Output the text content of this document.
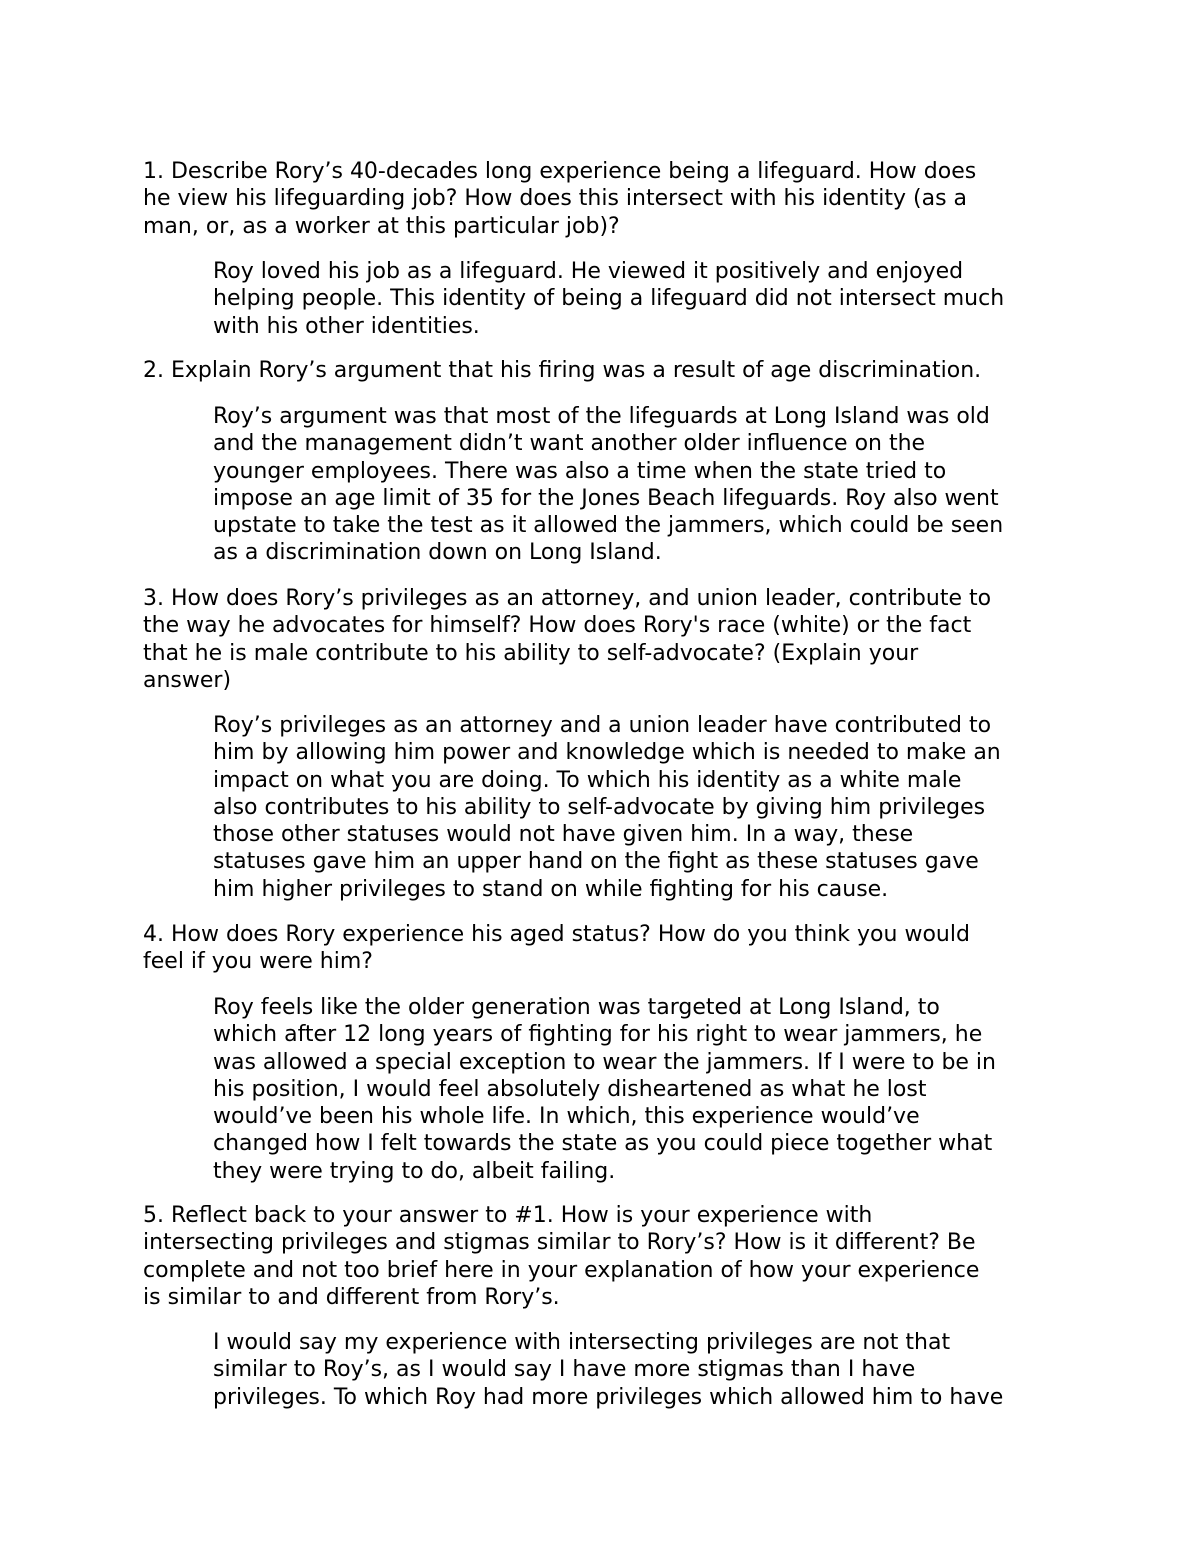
1. Describe Rory’s 40-decades long experience being a lifeguard. How does
he view his lifeguarding job? How does this intersect with his identity (as a
man, or, as a worker at this particular job)?

Roy loved his job as a lifeguard. He viewed it positively and enjoyed
helping people. This identity of being a lifeguard did not intersect much
with his other identities.

2. Explain Rory’s argument that his firing was a result of age discrimination.

Roy’s argument was that most of the lifeguards at Long Island was old
and the management didn’t want another older influence on the
younger employees. There was also a time when the state tried to
impose an age limit of 35 for the Jones Beach lifeguards. Roy also went
upstate to take the test as it allowed the jammers, which could be seen
as a discrimination down on Long Island.

3. How does Rory’s privileges as an attorney, and union leader, contribute to
the way he advocates for himself? How does Rory's race (white) or the fact
that he is male contribute to his ability to self-advocate? (Explain your
answer)

Roy’s privileges as an attorney and a union leader have contributed to
him by allowing him power and knowledge which is needed to make an
impact on what you are doing. To which his identity as a white male
also contributes to his ability to self-advocate by giving him privileges
those other statuses would not have given him. In a way, these
statuses gave him an upper hand on the fight as these statuses gave
him higher privileges to stand on while fighting for his cause.

4. How does Rory experience his aged status? How do you think you would
feel if you were him?

Roy feels like the older generation was targeted at Long Island, to
which after 12 long years of fighting for his right to wear jammers, he
was allowed a special exception to wear the jammers. If I were to be in
his position, I would feel absolutely disheartened as what he lost
would’ve been his whole life. In which, this experience would’ve
changed how I felt towards the state as you could piece together what
they were trying to do, albeit failing.

5. Reflect back to your answer to #1. How is your experience with
intersecting privileges and stigmas similar to Rory’s? How is it different? Be
complete and not too brief here in your explanation of how your experience
is similar to and different from Rory’s.

I would say my experience with intersecting privileges are not that
similar to Roy’s, as I would say I have more stigmas than I have
privileges. To which Roy had more privileges which allowed him to have
